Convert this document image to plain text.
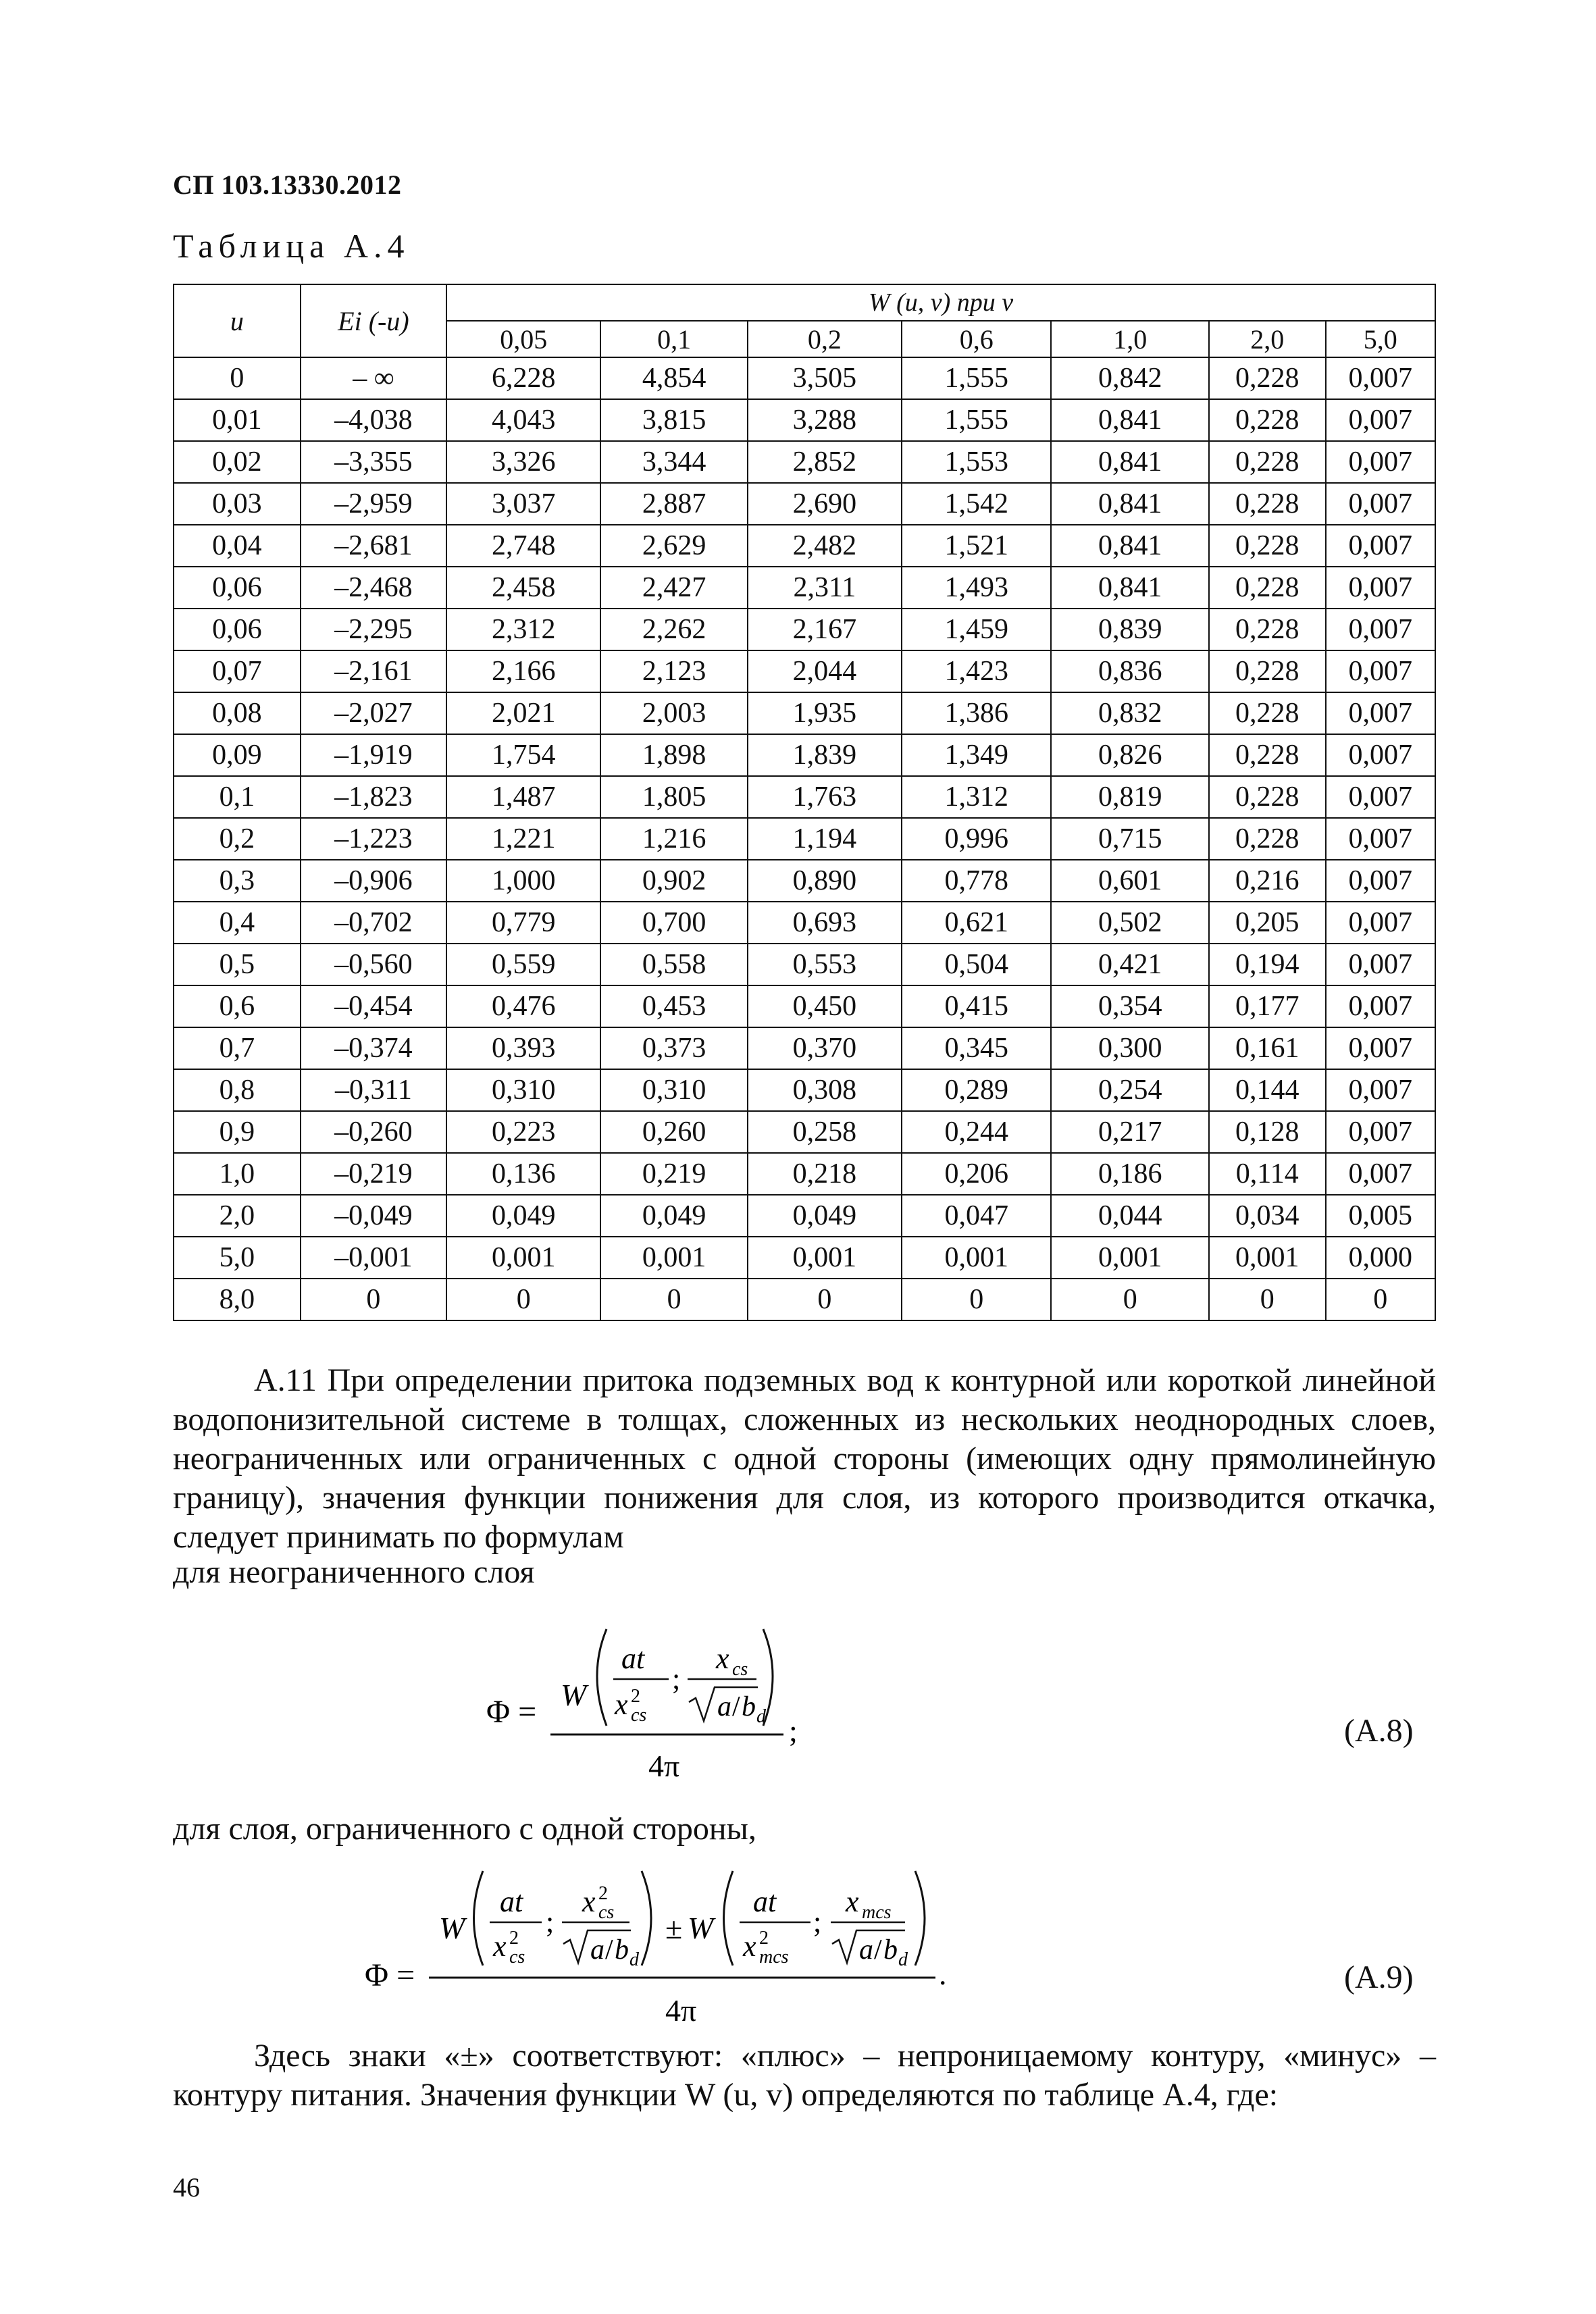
СП 103.13330.2012
Таблица А.4
u	Ei (-u)	W (u, v) при v						
		0,05	0,1	0,2	0,6	1,0	2,0	5,0
0	– ∞	6,228	4,854	3,505	1,555	0,842	0,228	0,007
0,01	–4,038	4,043	3,815	3,288	1,555	0,841	0,228	0,007
0,02	–3,355	3,326	3,344	2,852	1,553	0,841	0,228	0,007
0,03	–2,959	3,037	2,887	2,690	1,542	0,841	0,228	0,007
0,04	–2,681	2,748	2,629	2,482	1,521	0,841	0,228	0,007
0,06	–2,468	2,458	2,427	2,311	1,493	0,841	0,228	0,007
0,06	–2,295	2,312	2,262	2,167	1,459	0,839	0,228	0,007
0,07	–2,161	2,166	2,123	2,044	1,423	0,836	0,228	0,007
0,08	–2,027	2,021	2,003	1,935	1,386	0,832	0,228	0,007
0,09	–1,919	1,754	1,898	1,839	1,349	0,826	0,228	0,007
0,1	–1,823	1,487	1,805	1,763	1,312	0,819	0,228	0,007
0,2	–1,223	1,221	1,216	1,194	0,996	0,715	0,228	0,007
0,3	–0,906	1,000	0,902	0,890	0,778	0,601	0,216	0,007
0,4	–0,702	0,779	0,700	0,693	0,621	0,502	0,205	0,007
0,5	–0,560	0,559	0,558	0,553	0,504	0,421	0,194	0,007
0,6	–0,454	0,476	0,453	0,450	0,415	0,354	0,177	0,007
0,7	–0,374	0,393	0,373	0,370	0,345	0,300	0,161	0,007
0,8	–0,311	0,310	0,310	0,308	0,289	0,254	0,144	0,007
0,9	–0,260	0,223	0,260	0,258	0,244	0,217	0,128	0,007
1,0	–0,219	0,136	0,219	0,218	0,206	0,186	0,114	0,007
2,0	–0,049	0,049	0,049	0,049	0,047	0,044	0,034	0,005
5,0	–0,001	0,001	0,001	0,001	0,001	0,001	0,001	0,000
8,0	0	0	0	0	0	0	0	0
А.11 При определении притока подземных вод к контурной или короткой линейной водопонизительной системе в толщах, сложенных из нескольких неоднородных слоев, неограниченных или ограниченных с одной стороны (имеющих одну прямолинейную границу), значения функции понижения для слоя, из которого производится откачка, следует принимать по формулам
для неограниченного слоя
Φ = W
at
x 2
cs
;
x cs
a / b d ;
4π
(А.8)
для слоя, ограниченного с одной стороны,
Φ =
W
at
x 2
cs
;
x 2
cs
a / b d
± W
at
x 2
mcs
;
x mcs
a / b d .
4π
(А.9)
Здесь знаки «±» соответствуют: «плюс» – непроницаемому контуру, «минус» – контуру питания. Значения функции W (u, v) определяются по таблице А.4, где:
46
